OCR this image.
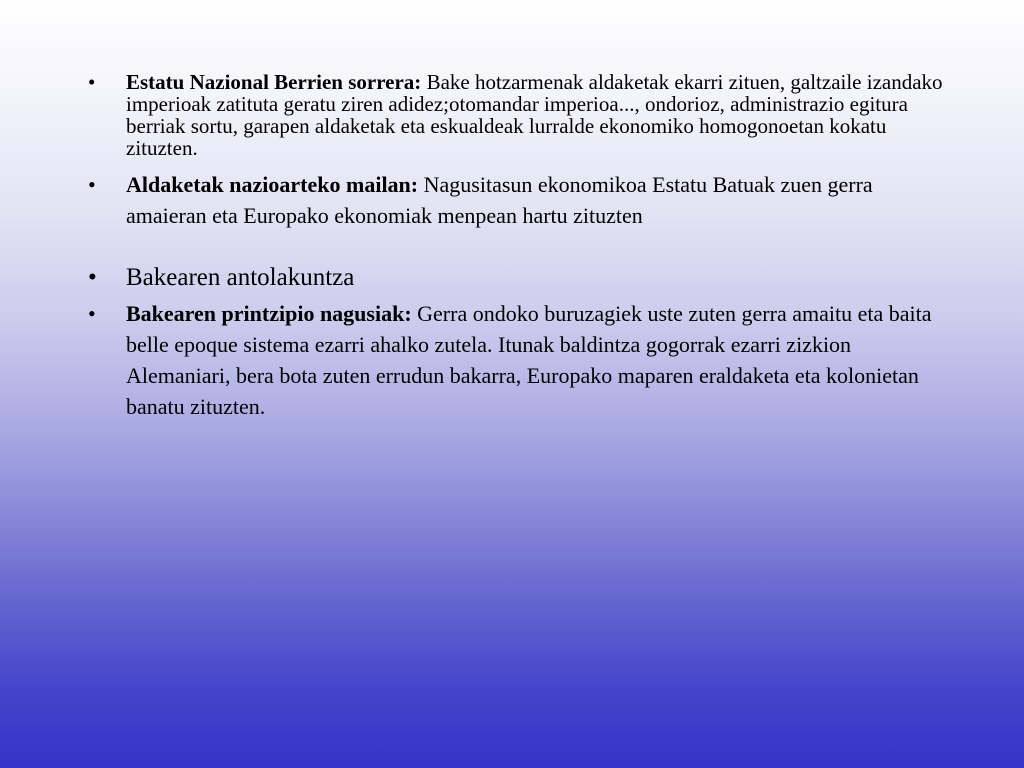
• Estatu Nazional Berrien sorrera: Bake hotzarmenak aldaketak ekarri zituen, galtzaile izandako imperioak zatituta geratu ziren adidez;otomandar imperioa..., ondorioz, administrazio egitura berriak sortu, garapen aldaketak eta eskualdeak lurralde ekonomiko homogonoetan kokatu zituzten.
• Aldaketak nazioarteko mailan: Nagusitasun ekonomikoa Estatu Batuak zuen gerra amaieran eta Europako ekonomiak menpean hartu zituzten
• Bakearen antolakuntza
• Bakearen printzipio nagusiak: Gerra ondoko buruzagiek uste zuten gerra amaitu eta baita belle epoque sistema ezarri ahalko zutela. Itunak baldintza gogorrak ezarri zizkion Alemaniari, bera bota zuten errudun bakarra, Europako maparen eraldaketa eta kolonietan banatu zituzten.
